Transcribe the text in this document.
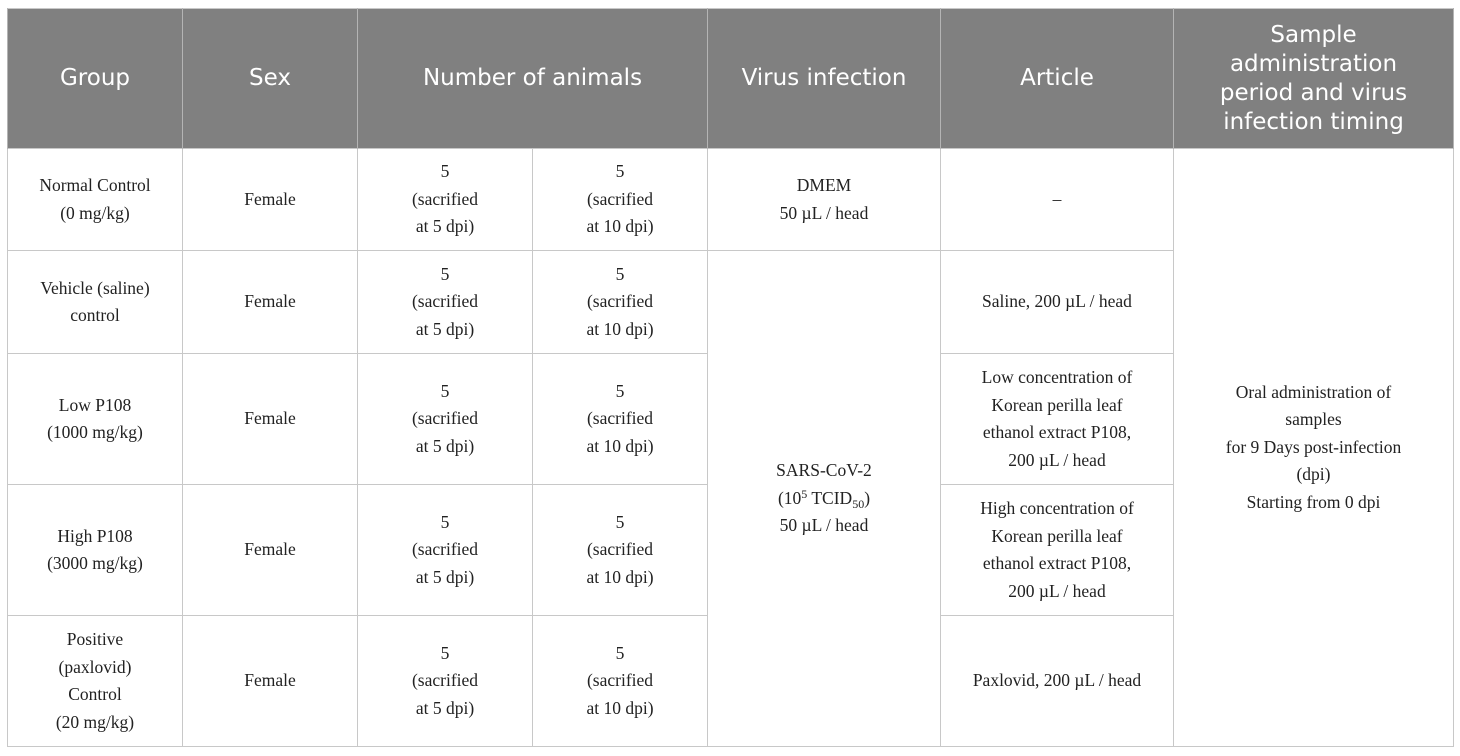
Group	Sex	Number of animals		Virus infection	Article	Sample
administration
period and virus
infection timing

Normal Control
(0 mg/kg)	Female	5
(sacrified
at 5 dpi)	5
(sacrified
at 10 dpi)	DMEM
50 µL / head	–	Oral administration of
samples
for 9 Days post-infection
(dpi)
Starting from 0 dpi

Vehicle (saline)
control	Female	5
(sacrified
at 5 dpi)	5
(sacrified
at 10 dpi)	SARS-CoV-2
($10^5$ $TCID_{50}$)
50 µL / head	Saline, 200 µL / head	

Low P108
(1000 mg/kg)	Female	5
(sacrified
at 5 dpi)	5
(sacrified
at 10 dpi)		Low concentration of
Korean perilla leaf
ethanol extract P108,
200 µL / head	

High P108
(3000 mg/kg)	Female	5
(sacrified
at 5 dpi)	5
(sacrified
at 10 dpi)		High concentration of
Korean perilla leaf
ethanol extract P108,
200 µL / head	

Positive
(paxlovid)
Control
(20 mg/kg)	Female	5
(sacrified
at 5 dpi)	5
(sacrified
at 10 dpi)		Paxlovid, 200 µL / head	
